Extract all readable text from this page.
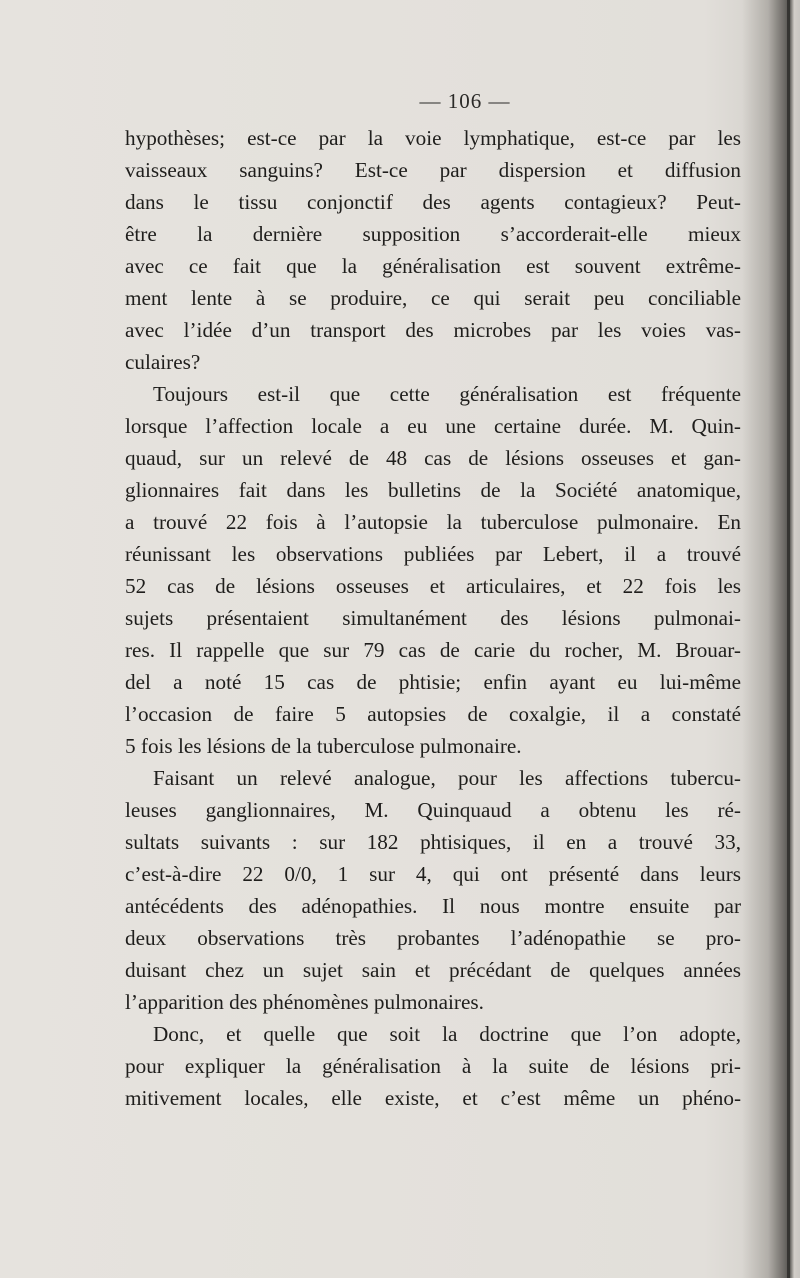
— 106 —
hypothèses; est-ce par la voie lymphatique, est-ce par les
vaisseaux sanguins? Est-ce par dispersion et diffusion
dans le tissu conjonctif des agents contagieux? Peut-
être la dernière supposition s’accorderait-elle mieux
avec ce fait que la généralisation est souvent extrême-
ment lente à se produire, ce qui serait peu conciliable
avec l’idée d’un transport des microbes par les voies vas-
culaires?
Toujours est-il que cette généralisation est fréquente
lorsque l’affection locale a eu une certaine durée. M. Quin-
quaud, sur un relevé de 48 cas de lésions osseuses et gan-
glionnaires fait dans les bulletins de la Société anatomique,
a trouvé 22 fois à l’autopsie la tuberculose pulmonaire. En
réunissant les observations publiées par Lebert, il a trouvé
52 cas de lésions osseuses et articulaires, et 22 fois les
sujets présentaient simultanément des lésions pulmonai-
res. Il rappelle que sur 79 cas de carie du rocher, M. Brouar-
del a noté 15 cas de phtisie; enfin ayant eu lui-même
l’occasion de faire 5 autopsies de coxalgie, il a constaté
5 fois les lésions de la tuberculose pulmonaire.
Faisant un relevé analogue, pour les affections tubercu-
leuses ganglionnaires, M. Quinquaud a obtenu les ré-
sultats suivants : sur 182 phtisiques, il en a trouvé 33,
c’est-à-dire 22 0/0, 1 sur 4, qui ont présenté dans leurs
antécédents des adénopathies. Il nous montre ensuite par
deux observations très probantes l’adénopathie se pro-
duisant chez un sujet sain et précédant de quelques années
l’apparition des phénomènes pulmonaires.
Donc, et quelle que soit la doctrine que l’on adopte,
pour expliquer la généralisation à la suite de lésions pri-
mitivement locales, elle existe, et c’est même un phéno-
